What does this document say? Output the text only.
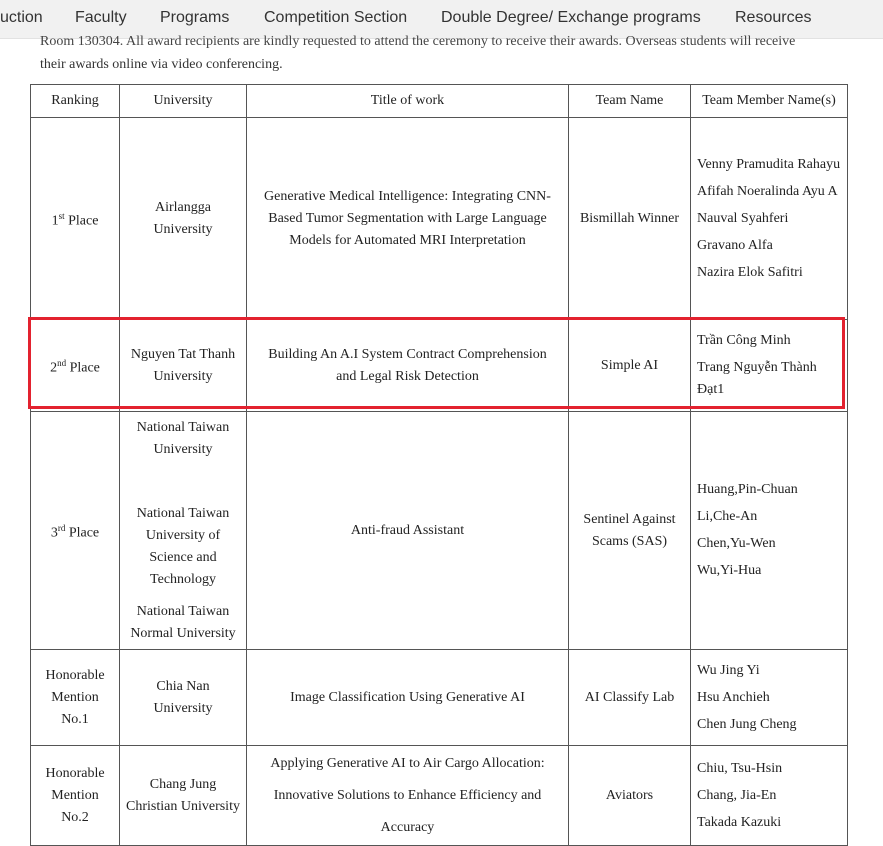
uction Faculty Programs Competition Section Double Degree/ Exchange programs Resources

Room 130304. All award recipients are kindly requested to attend the ceremony to receive their awards. Overseas students will receive

their awards online via video conferencing.

Ranking	University	Title of work	Team Name	Team Member Name(s)
1st Place	Airlangga University	Generative Medical Intelligence: Integrating CNN-Based Tumor Segmentation with Large Language Models for Automated MRI Interpretation	Bismillah Winner	Venny Pramudita Rahayu
Afifah Noeralinda Ayu A
Nauval Syahferi
Gravano Alfa
Nazira Elok Safitri

2nd Place	Nguyen Tat Thanh University	Building An A.I System Contract Comprehension and Legal Risk Detection	Simple AI	Trần Công Minh
Trang Nguyễn Thành Đạt1

3rd Place	National Taiwan University
National Taiwan University of Science and Technology
National Taiwan Normal University	Anti-fraud Assistant	Sentinel Against Scams (SAS)	Huang,Pin-Chuan
Li,Che-An
Chen,Yu-Wen
Wu,Yi-Hua

Honorable Mention No.1	Chia Nan University	Image Classification Using Generative AI	AI Classify Lab	Wu Jing Yi
Hsu Anchieh
Chen Jung Cheng

Honorable Mention No.2	Chang Jung Christian University	Applying Generative AI to Air Cargo Allocation: Innovative Solutions to Enhance Efficiency and Accuracy	Aviators	Chiu, Tsu-Hsin
Chang, Jia-En
Takada Kazuki
